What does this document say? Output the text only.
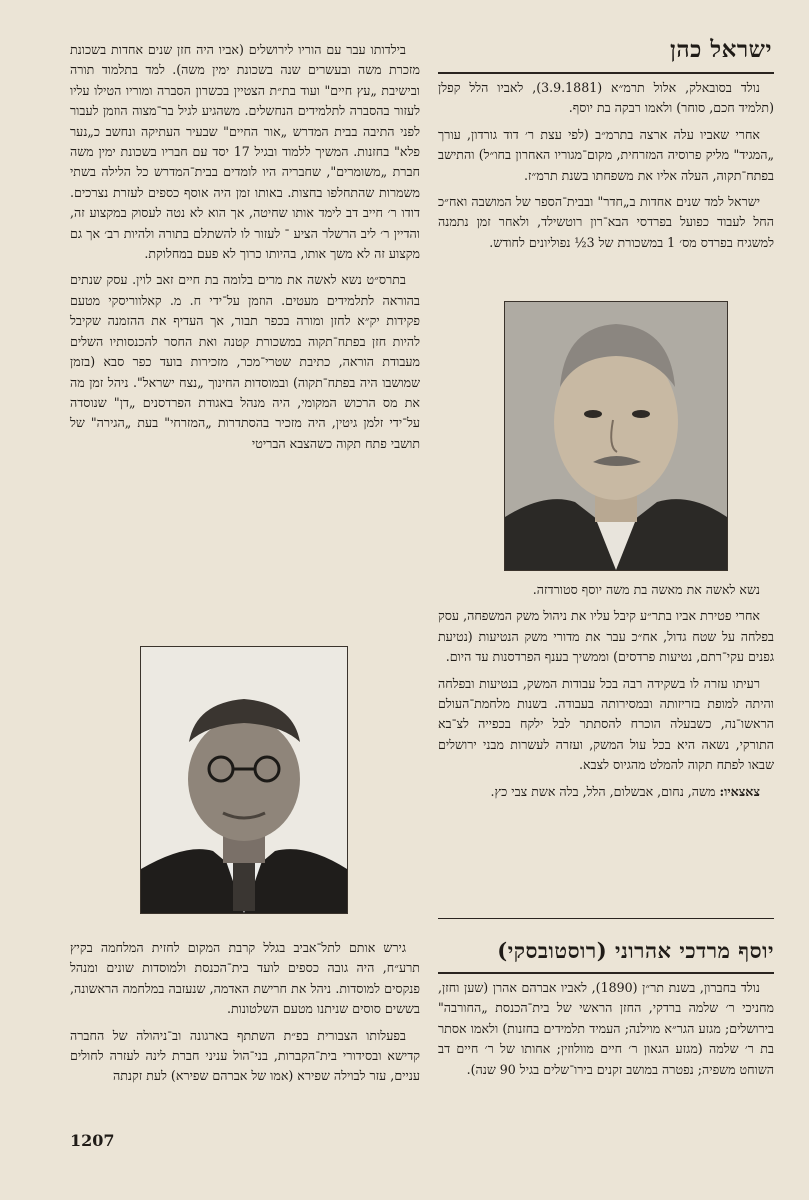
ישראל כהן

נולד בסובאלק, אלול תרמ״א (3.9.1881), לאביו הלל קפלן (תלמיד חכם, סוחר) ולאמו רבקה בת יוסף.

אחרי שאביו עלה ארצה בתרמ״ב (לפי עצת ר׳ דוד גורדון, עורך „המגיד" מליק פרוסיה המזרחית, מקום־מגוריו האחרון בחו״ל) והתישב בפתח־תקוה, העלה אליו את משפחתו בשנת תרמ״ז.

ישראל למד שנים אחדות ב„חדר" ובבית־הספר של המושבה ואח״כ החל לעבוד כפועל בפרדסי הבא־רון רוטשילד, ולאחר זמן נתמנה למשגיח בפרדס מס׳ 1 במשכורת של 3½ נפוליונים לחודש.

נשא לאשה את מאשה בת משה יוסף סטורדזה.

אחרי פטירת אביו בתר״ע קיבל עליו את ניהול משק המשפחה, עסק בפלחה על שטח גדול, אח״כ עבר את מדורי משק הנטיעות (נטיעת גפנים עקי־רתם, נטיעות פרדסים) וממשיך בענף הפרדסנות עד היום.

רעיתו עזרה לו בשקידה רבה בכל עבודות המשק, בנטיעות ובפלחה והיתה למופת בזריזותה ובמסירותה בעבודה. בשנות מלחמת־העולם הראשו־נה, כשבעלה הוכרח להסתתר לבל ילקח בכפייה לצ־בא התורקי, נשאה היא בכל עול המשק, ועזרה לעשרות מבני ירושלים שבאו לפתח תקוה להמלט מהגיוס לצבא.

צאצאיו: משה, נחום, אבשלום, הלל, בלה אשת צבי כץ.

יוסף מרדכי אהרוני (רוסטובסקי)

נולד בחברון, בשנת תר״ן (1890), לאביו אברהם אהרן (שען וחזן, מחניכי ר׳ שלמה ברדקי, החזן הראשי של בית־הכנסת „החורבה" בירושלים; מגזע הגר״א מוילנה; העמיד תלמידים בחזנות) ולאמו אסתר בת ר׳ שלמה (מגזע הגאון ר׳ חיים מוולוזין; אחותו של ר׳ חיים דב השוחט משפיה; נפטרה במושב זקנים בירו־שלים בגיל 90 שנה).

בילדותו עבר עם הוריו לירושלים (אביו היה חזן שנים אחדות בשכונת מזכרת משה ובעשרים שנה בשכונת ימין משה). למד בתלמוד תורה ובישיבת „עץ חיים" ועוד בת״ת הצטיין בכשרון הסברה ומוריו הטילו עליו לעזור בהסברה לתלמידים הנחשלים. משהגיע לגיל בר־מצוה הוזמן לעבור לפני התיבה בבית המדרש „אור החיים" שבעיר העתיקה ונחשב כ„נער פלא" בחזנות. המשיך ללמוד ובגיל 17 יסד עם חבריו בשכונת ימין משה חברת „משומרים", שחבריה היו לומדים בבית־המדרש כל הלילה בשתי משמרות שהתחלפו בחצות. באותו זמן היה אוסף כספים לעזרת נצרכים. דודו ר׳ חייב דב לימד אותו שחיטה, אך הוא לא נטה לעסוק במקצוע זה, והדיין ר׳ ליב הרשלר הציע ־ לעזור לו להשתלם בתורה ולהיות רב׳ אך גם מקצוע זה לא משך אותו, בהיותו כרוך לא פעם במחלוקת.

בתרס״ט נשא לאשה את מרים בלומה בת חיים זאב לוין. עסק שנתים בהוראה לתלמידים מעטים. הוזמן על־ידי ח. מ. קאלווריסקי מטעם פקידות יק״א לחזן ומורה בכפר תבור, אך העדיף את ההזמנה שקיבל להיות חזן בפתח־תקוה במשכורת קטנה ואת החסר להכנסותיו השלים מעבודת הוראה, כתיבת שטרי־מכר, מזכירות בועד כפר סבא (בזמן שמושבו היה בפתח־תקוה) ובמוסדות החינוך „נצח ישראל". ניהל זמן מה את מס הרכוש המקומי, היה מנהל באגודת הפרדסנים „דן" שנוסדה על־ידי זלמן גיטין, היה מזכיר בהסתדרות „המזרחי" בעת „הגירה" של תושבי פתח תקוה כשהצבא הבריטי

גירש אותם לתל־אביב בגלל קרבת המקום לחזית המלחמה בקיץ תרע״ח, היה גובה כספים לועד בית־הכנסת ולמוסדות שונים ומנהל פנקסים למוסדות. ניהל את חרישת האדמה, שנעזבה במלחמה הראשונה, בששים סוסים שניתנו מטעם השלטונות.

בפעלותו הצבורית בפ״ת השתתף בארגונה וב־ניהולה של החברה קדישא ובסידורי בית־הקברות, בני־הול עניני חברת לינה לעזרה לחולים עניים, עזר לבוילה שפירא (אמו של אברהם שפירא) לעת זקנתה

1207
